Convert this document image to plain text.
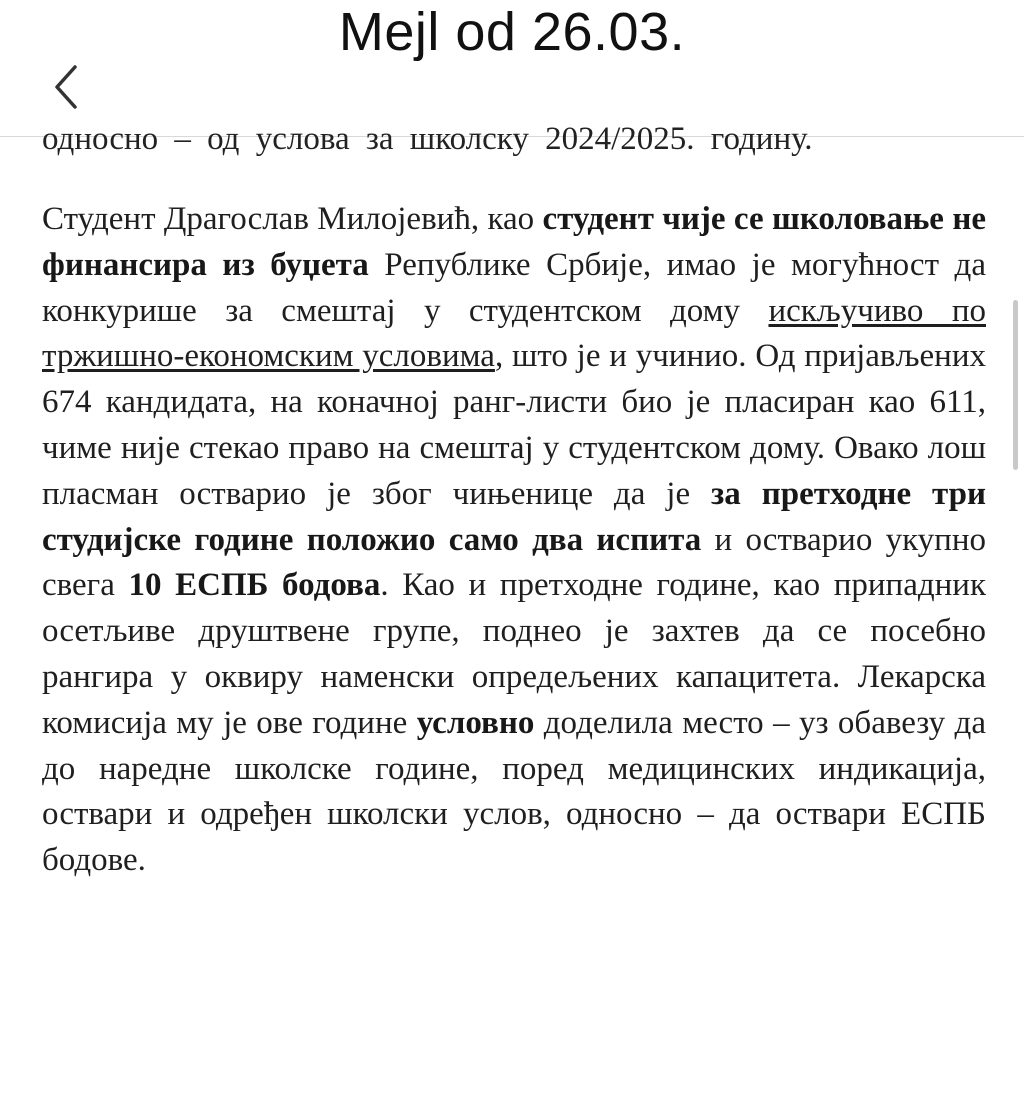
Mejl od 26.03.
односно – од услова за школску 2024/2025. годину.

Студент Драгослав Милојевић, као студент чије се школовање не финансира из буџета Републике Србије, имао је могућност да конкурише за смештај у студентском дому искључиво по тржишно-економским условима, што је и учинио. Од пријављених 674 кандидата, на коначној ранг-листи био је пласиран као 611, чиме није стекао право на смештај у студентском дому. Овако лош пласман остварио је због чињенице да је за претходне три студијске године положио само два испита и остварио укупно свега 10 ЕСПБ бодова. Као и претходне године, као припадник осетљиве друштвене групе, поднео је захтев да се посебно рангира у оквиру наменски опредељених капацитета. Лекарска комисија му је ове године условно доделила место – уз обавезу да до наредне школске године, поред медицинских индикација, оствари и одређен школски услов, односно – да оствари ЕСПБ бодове.
